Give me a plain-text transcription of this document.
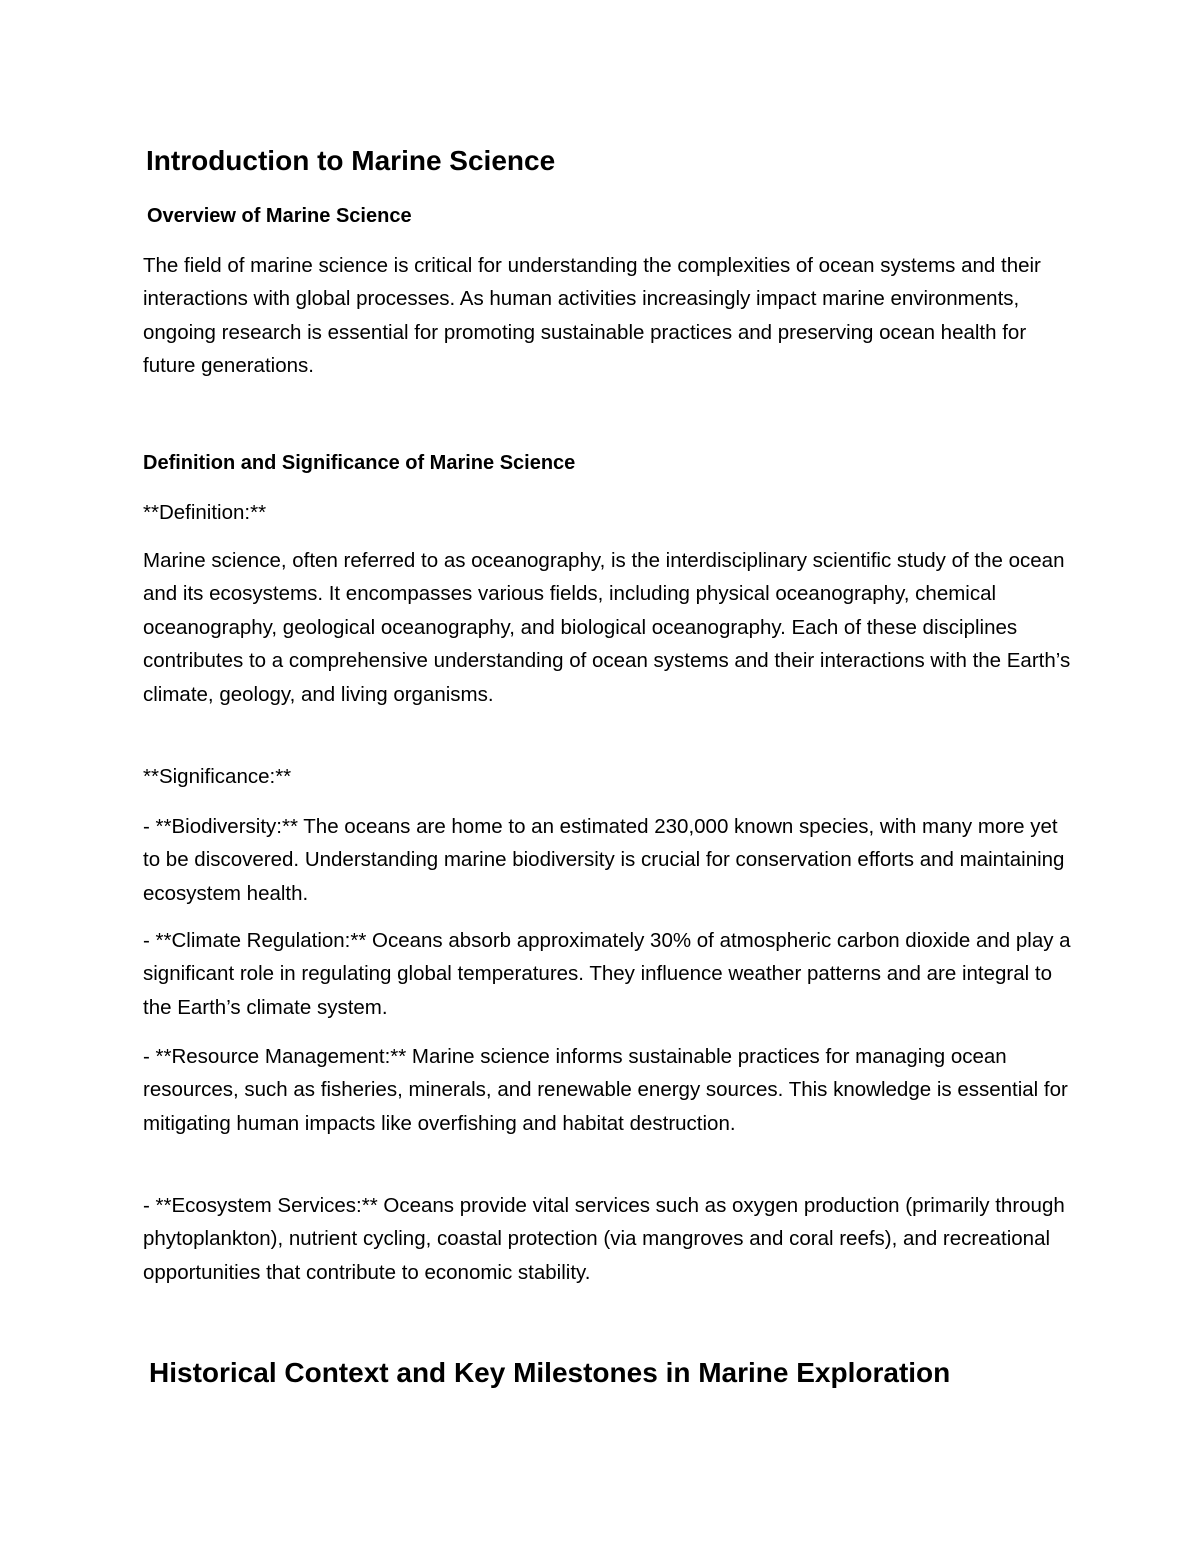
Introduction to Marine Science
Overview of Marine Science

The field of marine science is critical for understanding the complexities of ocean systems and their interactions with global processes. As human activities increasingly impact marine environments, ongoing research is essential for promoting sustainable practices and preserving ocean health for future generations.

Definition and Significance of Marine Science

**Definition:**

Marine science, often referred to as oceanography, is the interdisciplinary scientific study of the ocean and its ecosystems. It encompasses various fields, including physical oceanography, chemical oceanography, geological oceanography, and biological oceanography. Each of these disciplines contributes to a comprehensive understanding of ocean systems and their interactions with the Earth’s climate, geology, and living organisms.

**Significance:**

- **Biodiversity:** The oceans are home to an estimated 230,000 known species, with many more yet to be discovered. Understanding marine biodiversity is crucial for conservation efforts and maintaining ecosystem health.

- **Climate Regulation:** Oceans absorb approximately 30% of atmospheric carbon dioxide and play a significant role in regulating global temperatures. They influence weather patterns and are integral to the Earth’s climate system.

- **Resource Management:** Marine science informs sustainable practices for managing ocean resources, such as fisheries, minerals, and renewable energy sources. This knowledge is essential for mitigating human impacts like overfishing and habitat destruction.

- **Ecosystem Services:** Oceans provide vital services such as oxygen production (primarily through phytoplankton), nutrient cycling, coastal protection (via mangroves and coral reefs), and recreational opportunities that contribute to economic stability.

Historical Context and Key Milestones in Marine Exploration
